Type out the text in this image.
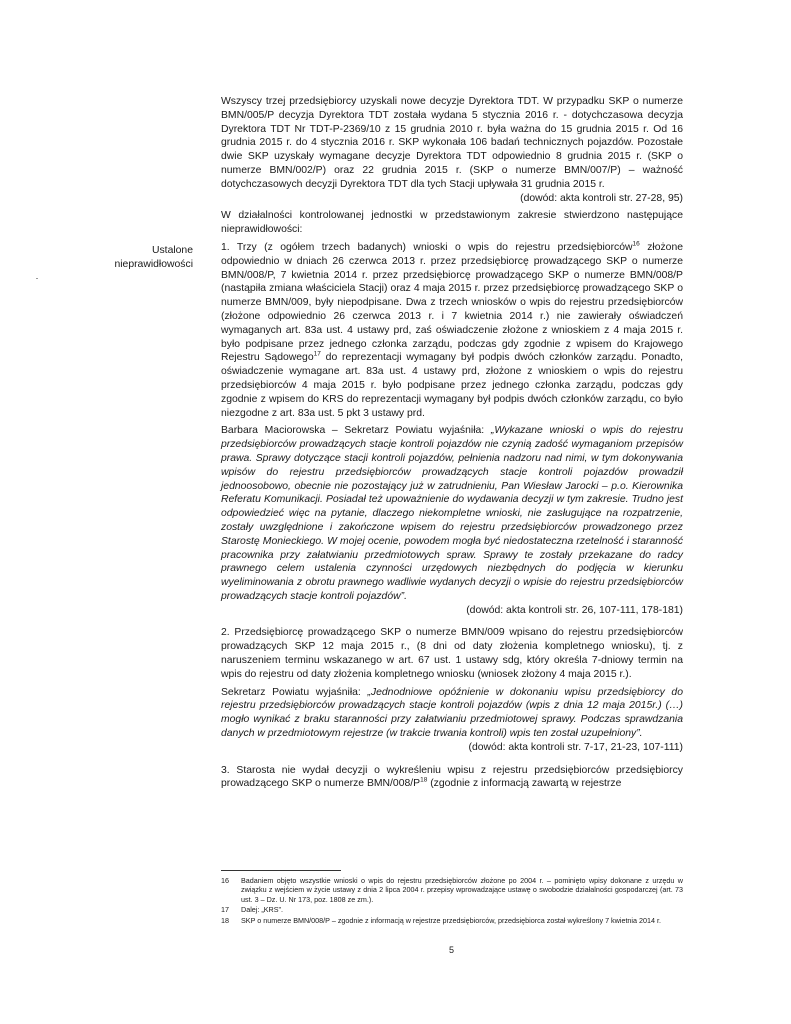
Wszyscy trzej przedsiębiorcy uzyskali nowe decyzje Dyrektora TDT. W przypadku SKP o numerze BMN/005/P decyzja Dyrektora TDT została wydana 5 stycznia 2016 r. - dotychczasowa decyzja Dyrektora TDT Nr TDT-P-2369/10 z 15 grudnia 2010 r. była ważna do 15 grudnia 2015 r. Od 16 grudnia 2015 r. do 4 stycznia 2016 r. SKP wykonała 106 badań technicznych pojazdów. Pozostałe dwie SKP uzyskały wymagane decyzje Dyrektora TDT odpowiednio 8 grudnia 2015 r. (SKP o numerze BMN/002/P) oraz 22 grudnia 2015 r. (SKP o numerze BMN/007/P) – ważność dotychczasowych decyzji Dyrektora TDT dla tych Stacji upływała 31 grudnia 2015 r.
(dowód: akta kontroli str. 27-28, 95)

W działalności kontrolowanej jednostki w przedstawionym zakresie stwierdzono następujące nieprawidłowości:

1. Trzy (z ogółem trzech badanych) wnioski o wpis do rejestru przedsiębiorców$^{16}$ złożone odpowiednio w dniach 26 czerwca 2013 r. przez przedsiębiorcę prowadzącego SKP o numerze BMN/008/P, 7 kwietnia 2014 r. przez przedsiębiorcę prowadzącego SKP o numerze BMN/008/P (nastąpiła zmiana właściciela Stacji) oraz 4 maja 2015 r. przez przedsiębiorcę prowadzącego SKP o numerze BMN/009, były niepodpisane. Dwa z trzech wniosków o wpis do rejestru przedsiębiorców (złożone odpowiednio 26 czerwca 2013 r. i 7 kwietnia 2014 r.) nie zawierały oświadczeń wymaganych art. 83a ust. 4 ustawy prd, zaś oświadczenie złożone z wnioskiem z 4 maja 2015 r. było podpisane przez jednego członka zarządu, podczas gdy zgodnie z wpisem do Krajowego Rejestru Sądowego$^{17}$ do reprezentacji wymagany był podpis dwóch członków zarządu. Ponadto, oświadczenie wymagane art. 83a ust. 4 ustawy prd, złożone z wnioskiem o wpis do rejestru przedsiębiorców 4 maja 2015 r. było podpisane przez jednego członka zarządu, podczas gdy zgodnie z wpisem do KRS do reprezentacji wymagany był podpis dwóch członków zarządu, co było niezgodne z art. 83a ust. 5 pkt 3 ustawy prd.

Barbara Maciorowska – Sekretarz Powiatu wyjaśniła: „Wykazane wnioski o wpis do rejestru przedsiębiorców prowadzących stacje kontroli pojazdów nie czynią zadość wymaganiom przepisów prawa. Sprawy dotyczące stacji kontroli pojazdów, pełnienia nadzoru nad nimi, w tym dokonywania wpisów do rejestru przedsiębiorców prowadzących stacje kontroli pojazdów prowadził jednoosobowo, obecnie nie pozostający już w zatrudnieniu, Pan Wiesław Jarocki – p.o. Kierownika Referatu Komunikacji. Posiadał też upoważnienie do wydawania decyzji w tym zakresie. Trudno jest odpowiedzieć więc na pytanie, dlaczego niekompletne wnioski, nie zasługujące na rozpatrzenie, zostały uwzględnione i zakończone wpisem do rejestru przedsiębiorców prowadzonego przez Starostę Monieckiego. W mojej ocenie, powodem mogła być niedostateczna rzetelność i staranność pracownika przy załatwianiu przedmiotowych spraw. Sprawy te zostały przekazane do radcy prawnego celem ustalenia czynności urzędowych niezbędnych do podjęcia w kierunku wyeliminowania z obrotu prawnego wadliwie wydanych decyzji o wpisie do rejestru przedsiębiorców prowadzących stacje kontroli pojazdów”.

(dowód: akta kontroli str. 26, 107-111, 178-181)

2. Przedsiębiorcę prowadzącego SKP o numerze BMN/009 wpisano do rejestru przedsiębiorców prowadzących SKP 12 maja 2015 r., (8 dni od daty złożenia kompletnego wniosku), tj. z naruszeniem terminu wskazanego w art. 67 ust. 1 ustawy sdg, który określa 7-dniowy termin na wpis do rejestru od daty złożenia kompletnego wniosku (wniosek złożony 4 maja 2015 r.).

Sekretarz Powiatu wyjaśniła: „Jednodniowe opóźnienie w dokonaniu wpisu przedsiębiorcy do rejestru przedsiębiorców prowadzących stacje kontroli pojazdów (wpis z dnia 12 maja 2015r.) (…) mogło wynikać z braku staranności przy załatwianiu przedmiotowej sprawy. Podczas sprawdzania danych w przedmiotowym rejestrze (w trakcie trwania kontroli) wpis ten został uzupełniony”.
(dowód: akta kontroli str. 7-17, 21-23, 107-111)

3. Starosta nie wydał decyzji o wykreśleniu wpisu z rejestru przedsiębiorców przedsiębiorcy prowadzącego SKP o numerze BMN/$008/P^{18}$ (zgodnie z informacją zawartą w rejestrze

Ustalone
nieprawidłowości
16	Badaniem objęto wszystkie wnioski o wpis do rejestru przedsiębiorców złożone po 2004 r. – pominięto wpisy dokonane z urzędu w związku z wejściem w życie ustawy z dnia 2 lipca 2004 r. przepisy wprowadzające ustawę o swobodzie działalności gospodarczej (art. 73 ust. 3 – Dz. U. Nr 173, poz. 1808 ze zm.).
17	Dalej: „KRS”.
18	SKP o numerze BMN/008/P – zgodnie z informacją w rejestrze przedsiębiorców, przedsiębiorca został wykreślony 7 kwietnia 2014 r.
5
